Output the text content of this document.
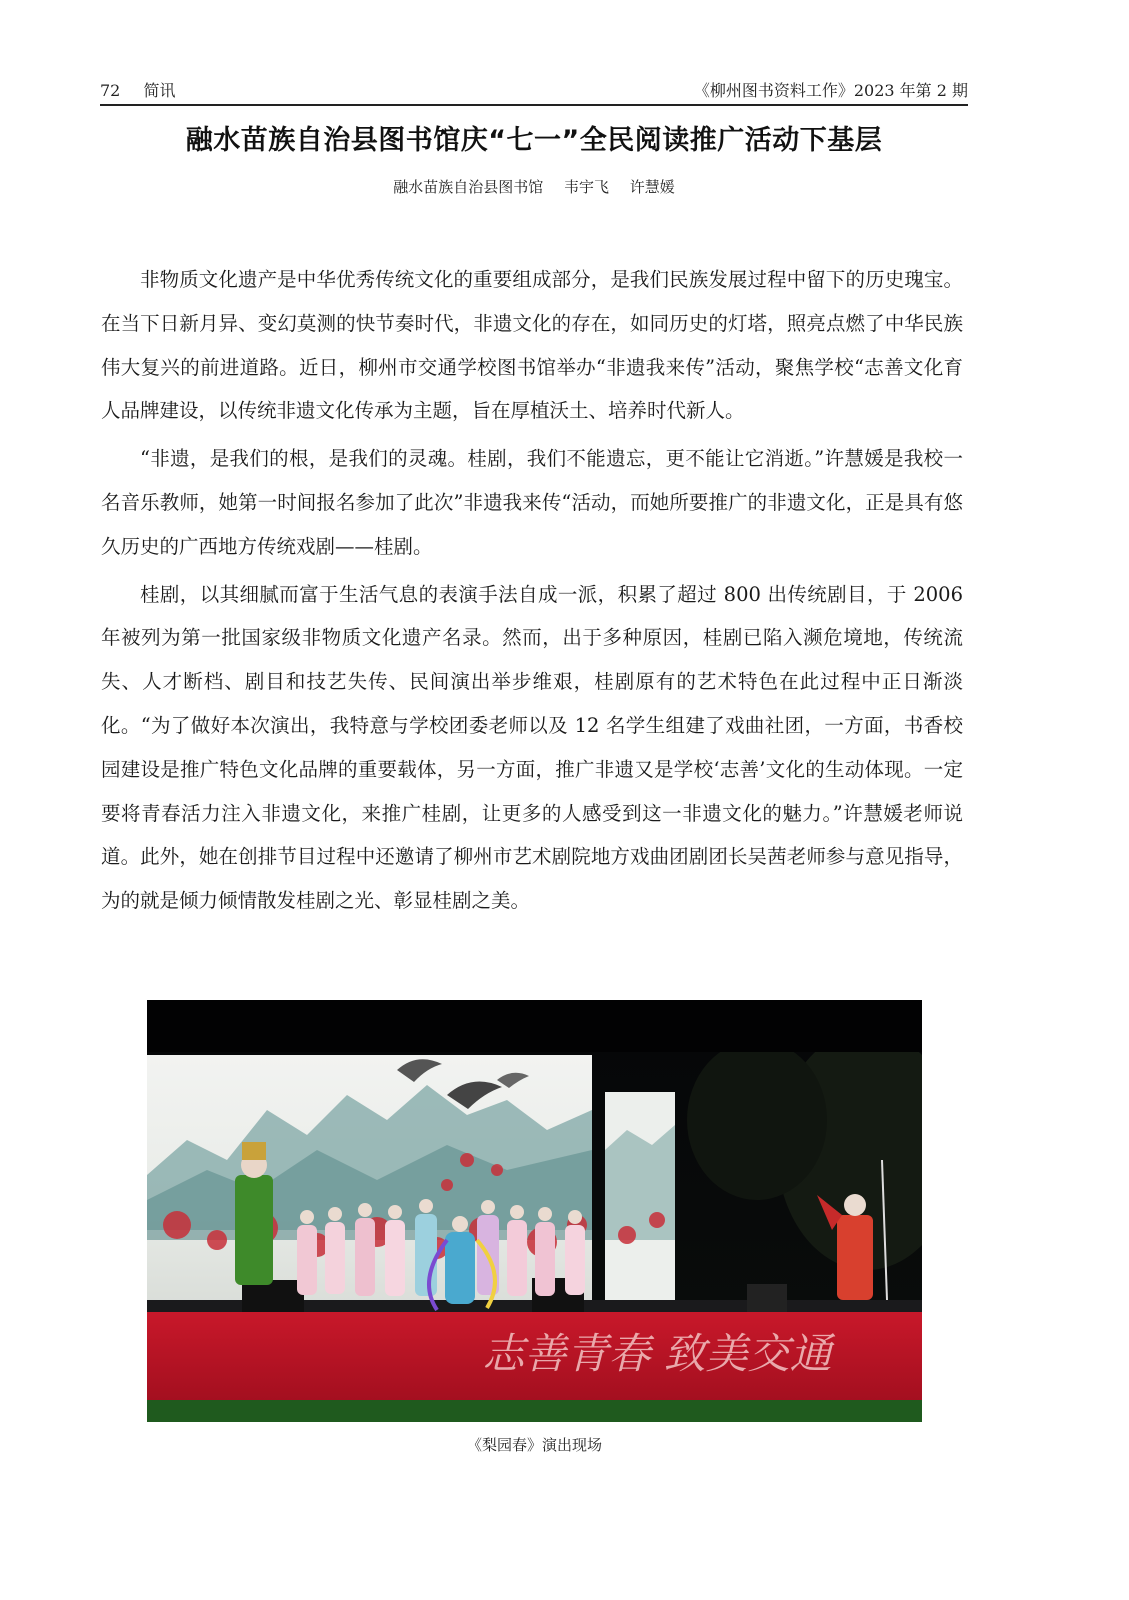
72 简讯	《柳州图书资料工作》2023 年第 2 期
融水苗族自治县图书馆庆“七一”全民阅读推广活动下基层
融水苗族自治县图书馆 韦宇飞 许慧媛

非物质文化遗产是中华优秀传统文化的重要组成部分，是我们民族发展过程中留下的历史瑰宝。在当下日新月异、变幻莫测的快节奏时代，非遗文化的存在，如同历史的灯塔，照亮点燃了中华民族伟大复兴的前进道路。近日，柳州市交通学校图书馆举办“非遗我来传”活动，聚焦学校“志善文化育人品牌建设，以传统非遗文化传承为主题，旨在厚植沃土、培养时代新人。

“非遗，是我们的根，是我们的灵魂。桂剧，我们不能遗忘，更不能让它消逝。”许慧媛是我校一名音乐教师，她第一时间报名参加了此次”非遗我来传“活动，而她所要推广的非遗文化，正是具有悠久历史的广西地方传统戏剧——桂剧。

桂剧，以其细腻而富于生活气息的表演手法自成一派，积累了超过 800 出传统剧目，于 2006 年被列为第一批国家级非物质文化遗产名录。然而，出于多种原因，桂剧已陷入濒危境地，传统流失、人才断档、剧目和技艺失传、民间演出举步维艰，桂剧原有的艺术特色在此过程中正日渐淡化。“为了做好本次演出，我特意与学校团委老师以及 12 名学生组建了戏曲社团，一方面，书香校园建设是推广特色文化品牌的重要载体，另一方面，推广非遗又是学校‘志善’文化的生动体现。一定要将青春活力注入非遗文化，来推广桂剧，让更多的人感受到这一非遗文化的魅力。”许慧媛老师说道。此外，她在创排节目过程中还邀请了柳州市艺术剧院地方戏曲团剧团长吴茜老师参与意见指导，为的就是倾力倾情散发桂剧之光、彰显桂剧之美。

志善青春 致美交通
《梨园春》演出现场
